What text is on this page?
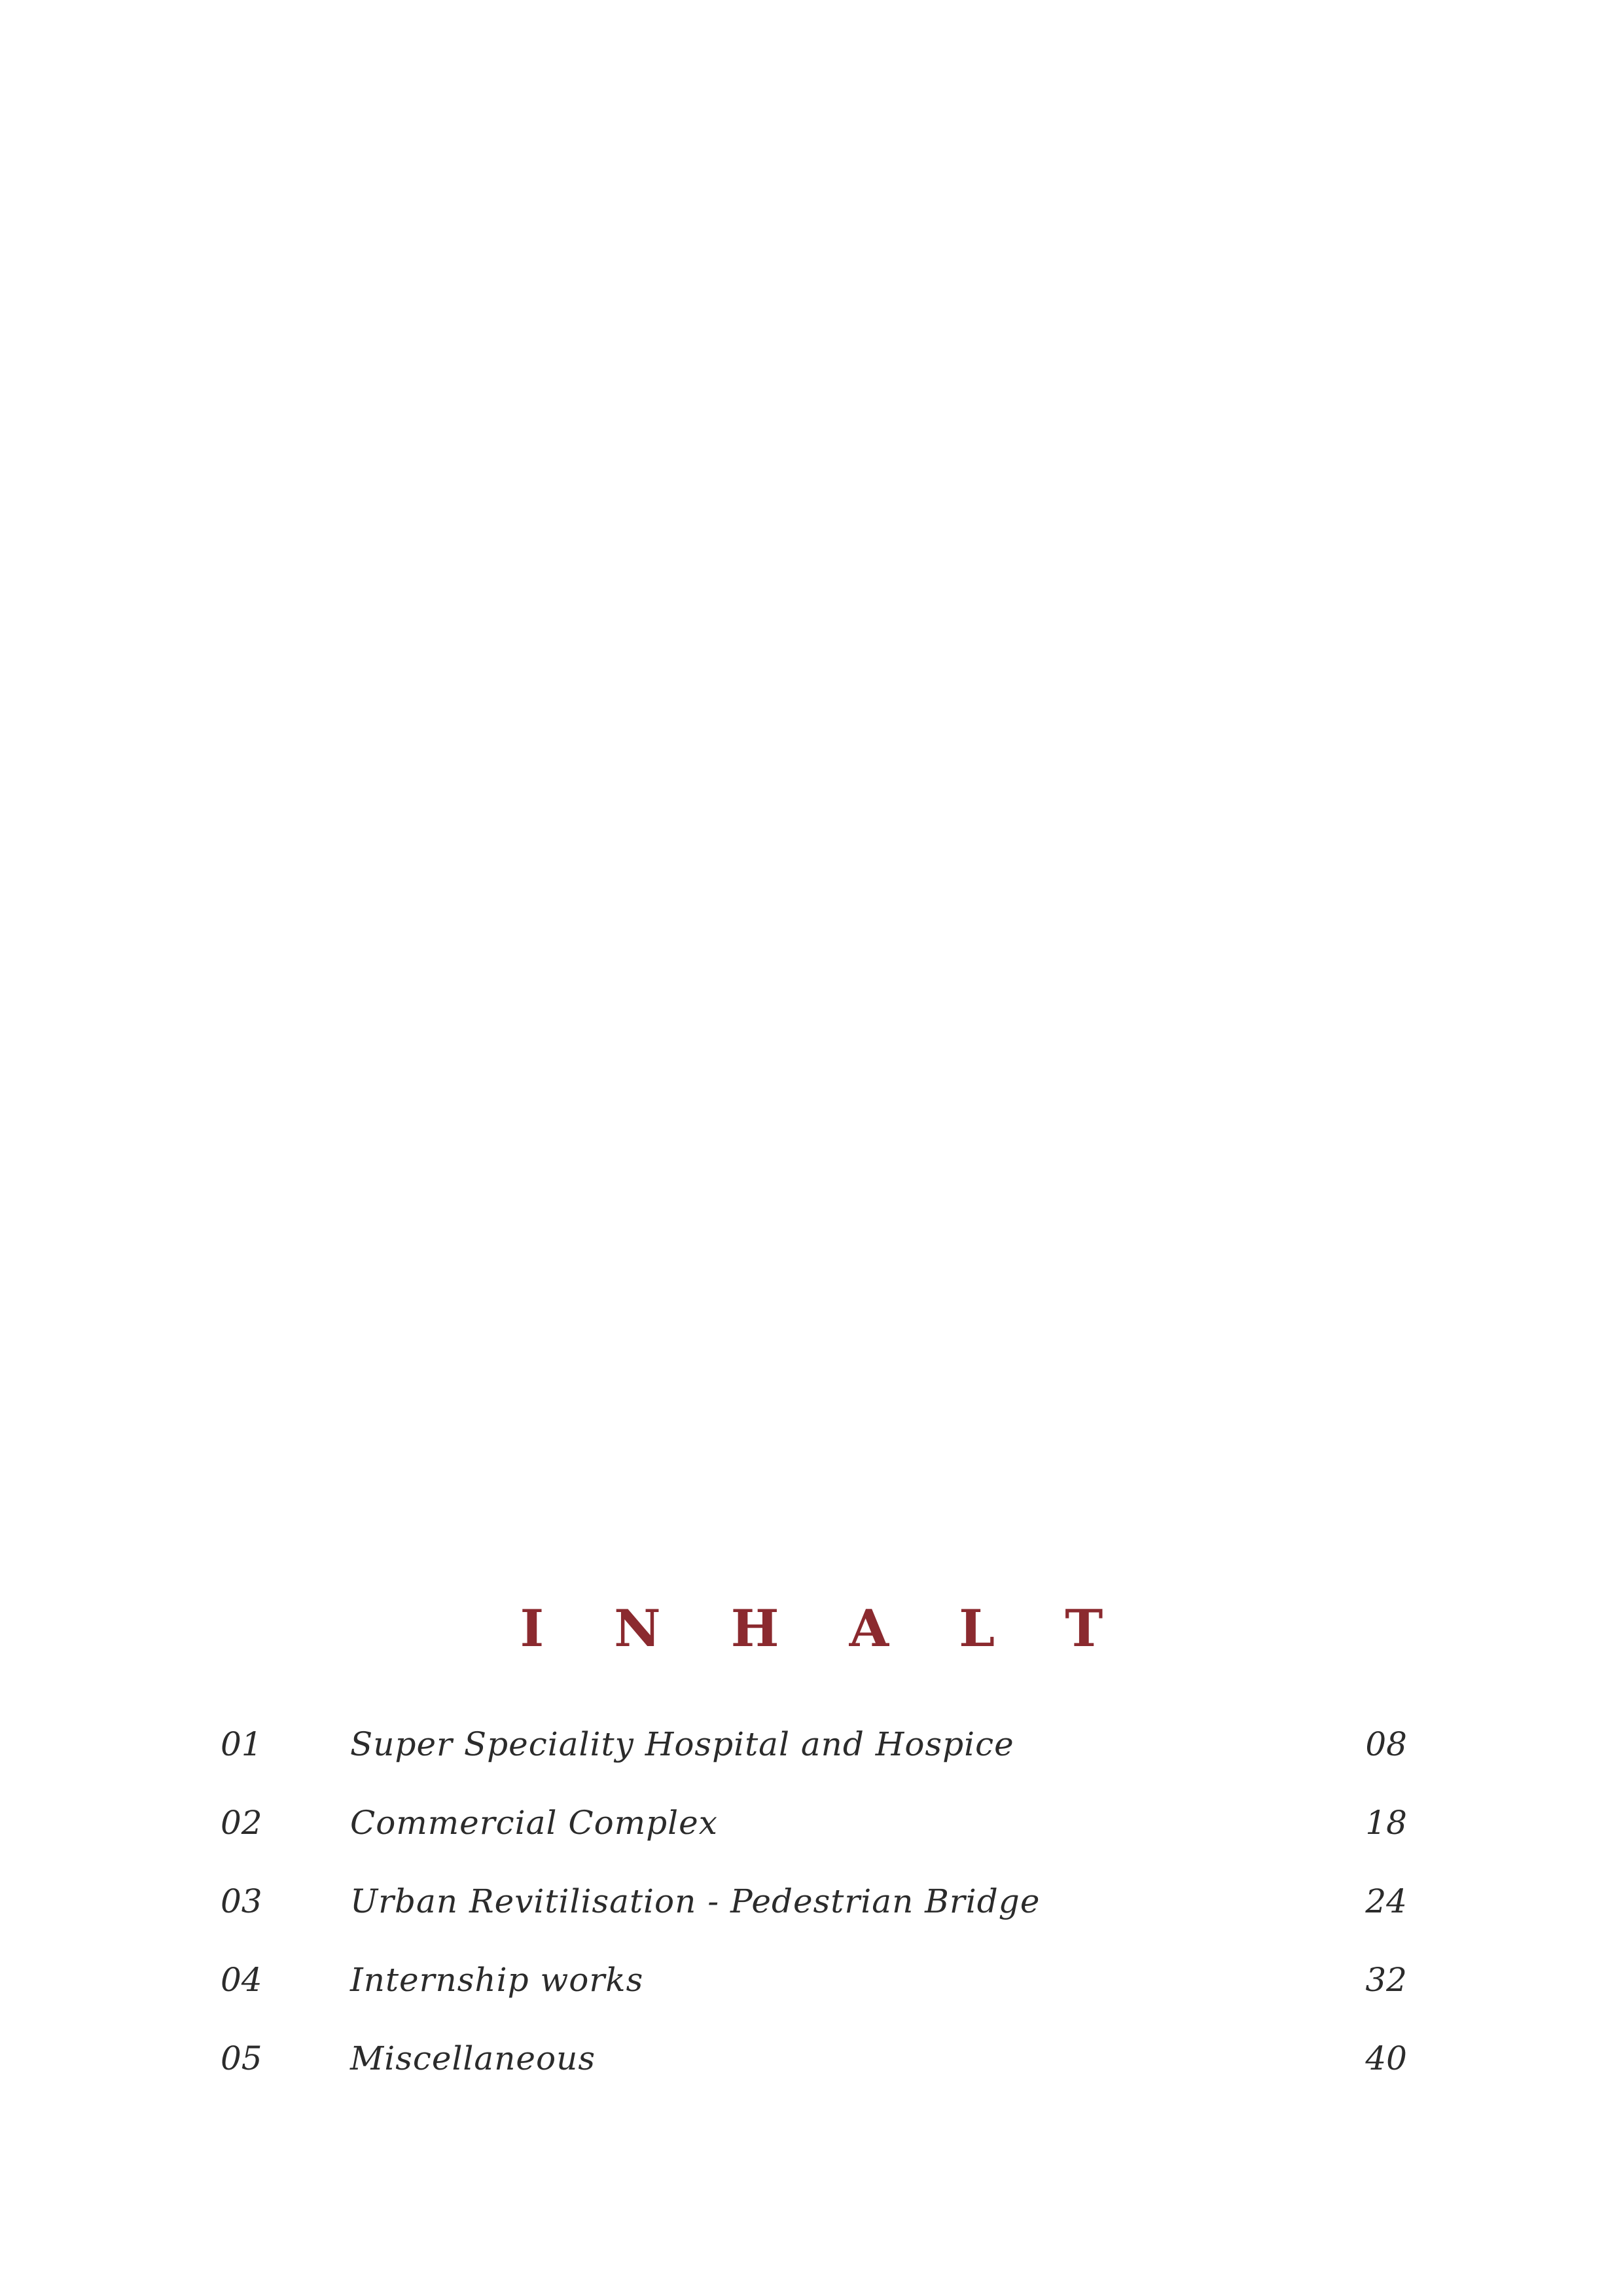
I N H A L T
01	Super Speciality Hospital and Hospice	08
02	Commercial Complex	18
03	Urban Revitilisation - Pedestrian Bridge	24
04	Internship works	32
05	Miscellaneous	40
